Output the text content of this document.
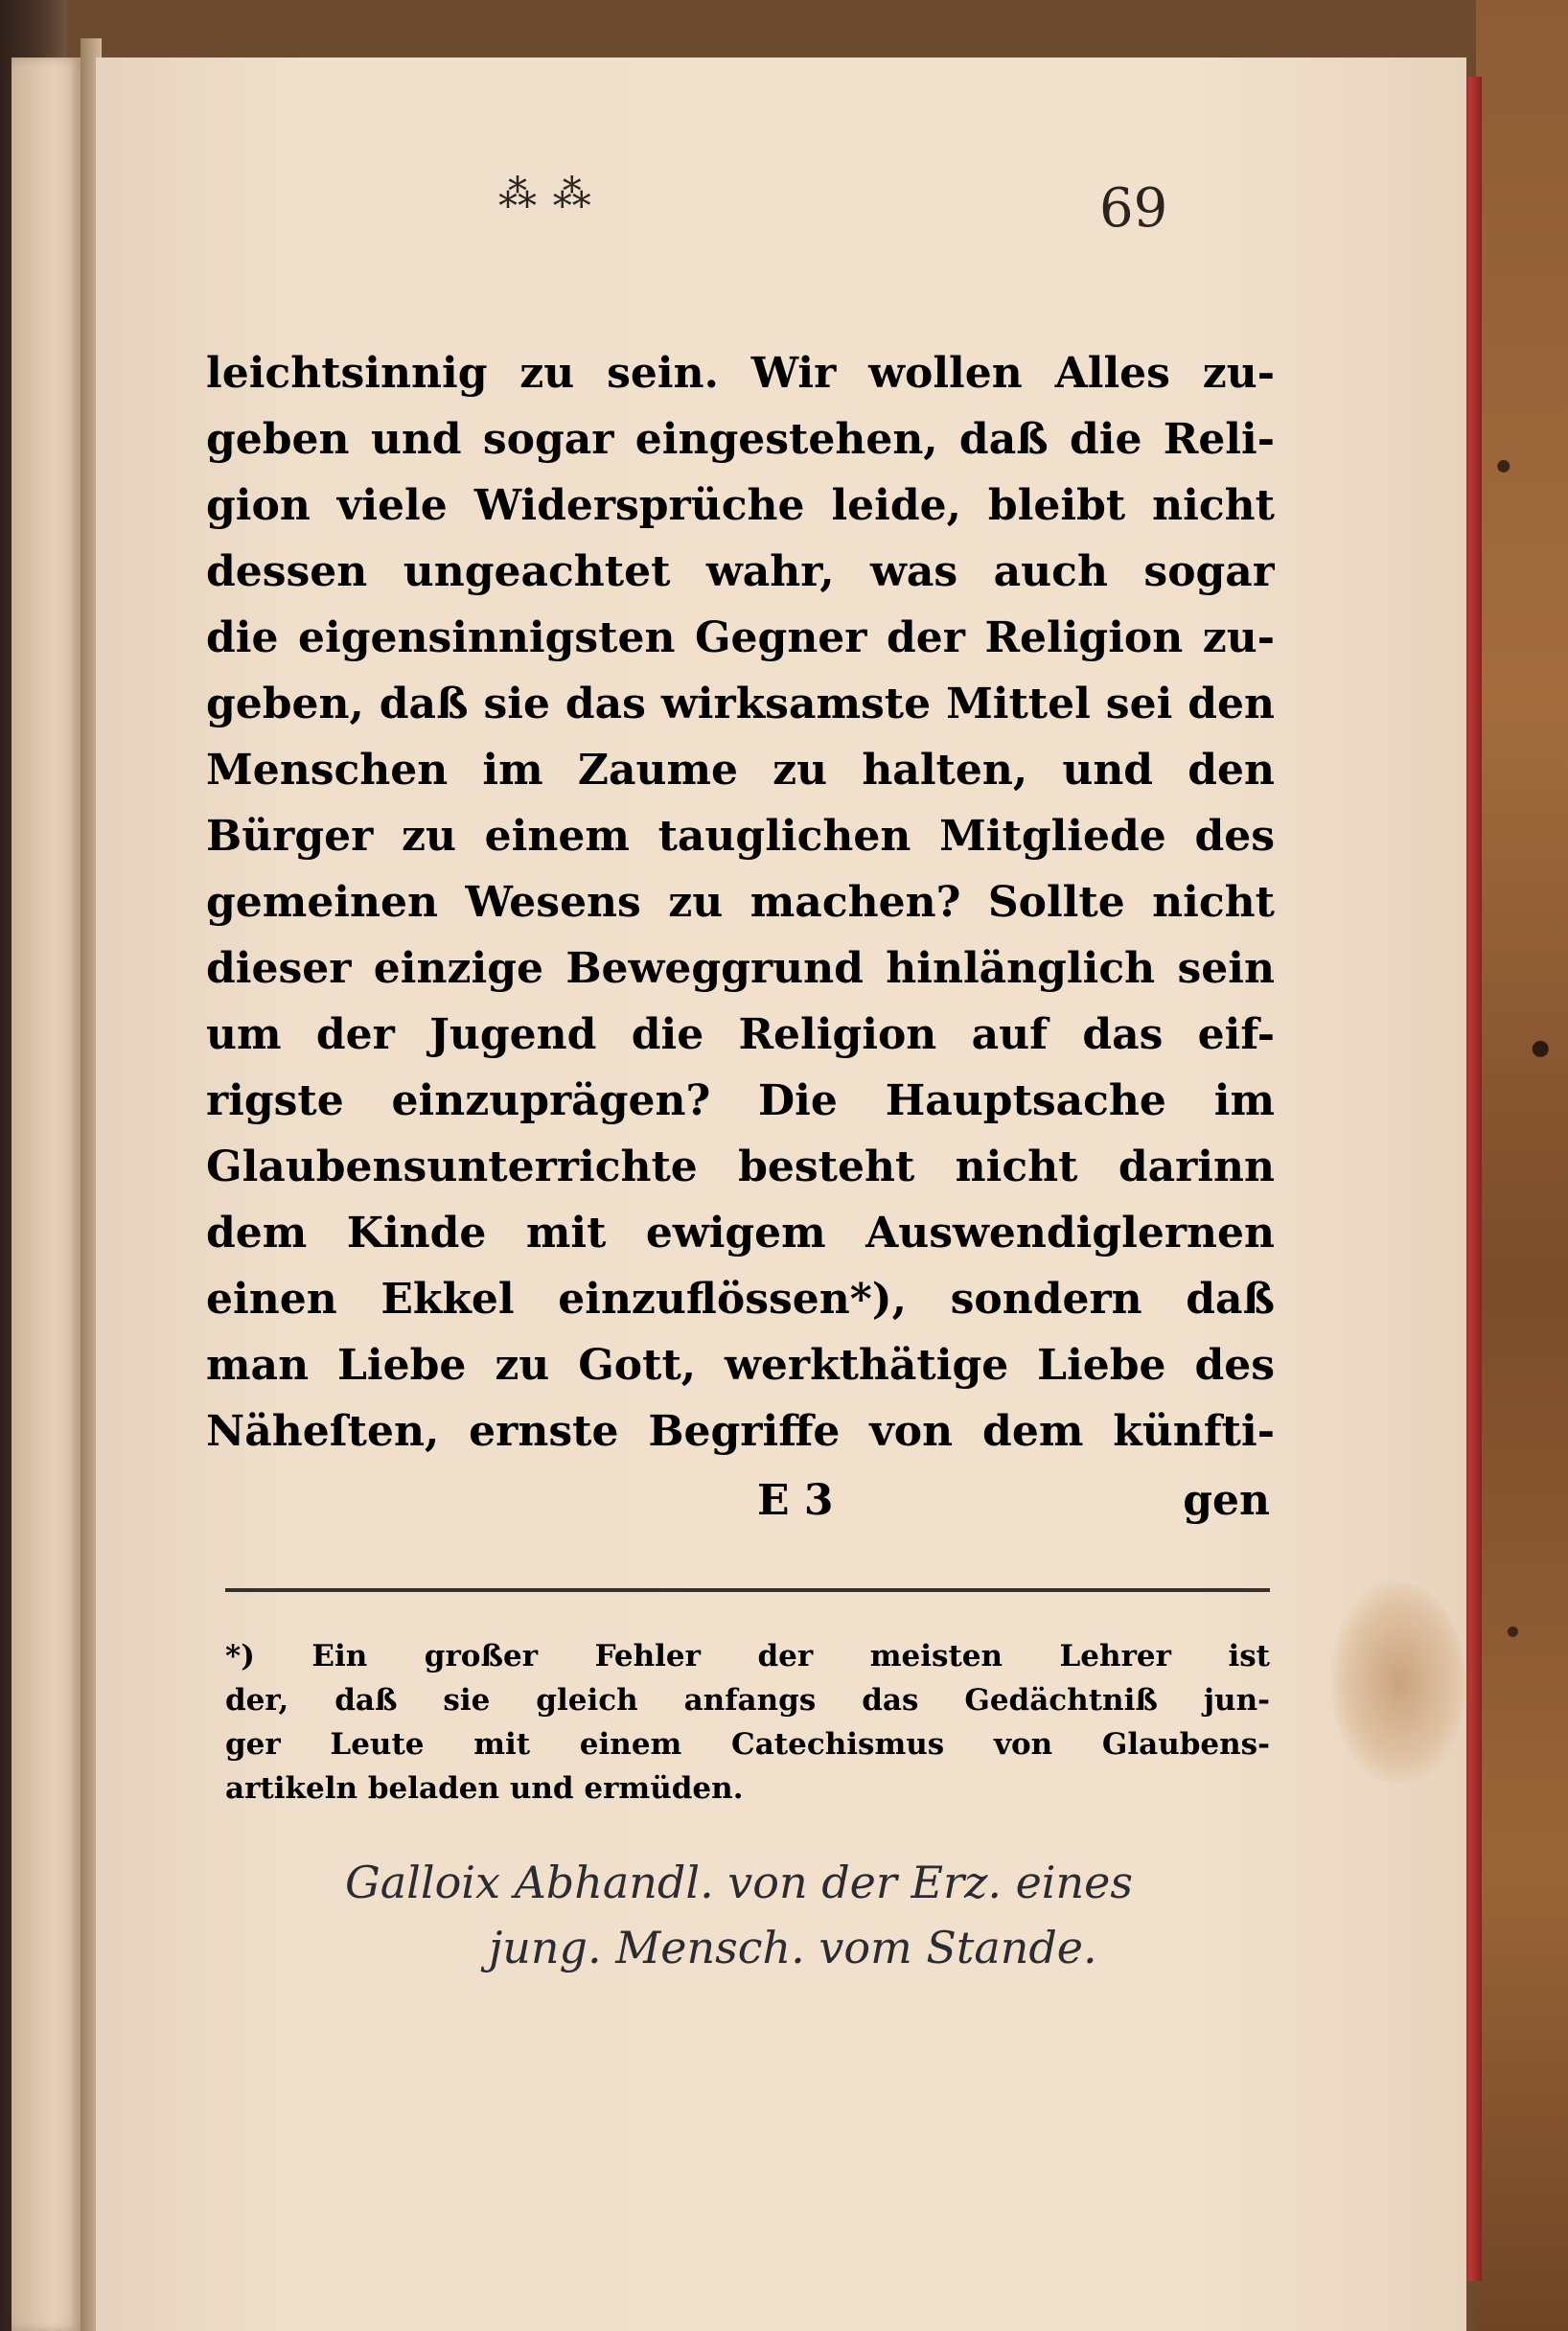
⁂ ⁂	69
leichtsinnig zu sein. Wir wollen Alles zu-
geben und sogar eingestehen, daß die Reli-
gion viele Widersprüche leide, bleibt nicht
dessen ungeachtet wahr, was auch sogar
die eigensinnigsten Gegner der Religion zu-
geben, daß sie das wirksamste Mittel sei den
Menschen im Zaume zu halten, und den
Bürger zu einem tauglichen Mitgliede des
gemeinen Wesens zu machen? Sollte nicht
dieser einzige Beweggrund hinlänglich sein
um der Jugend die Religion auf das eif-
rigste einzuprägen? Die Hauptsache im
Glaubensunterrichte besteht nicht darinn
dem Kinde mit ewigem Auswendiglernen
einen Ekkel einzuflössen*), sondern daß
man Liebe zu Gott, werkthätige Liebe des
Näheſten, ernste Begriffe von dem künfti-
E 3	gen
*) Ein großer Fehler der meisten Lehrer ist
der, daß sie gleich anfangs das Gedächtniß jun-
ger Leute mit einem Catechismus von Glaubens-
artikeln beladen und ermüden.
Galloix Abhandl. von der Erz. eines
jung. Mensch. vom Stande.
